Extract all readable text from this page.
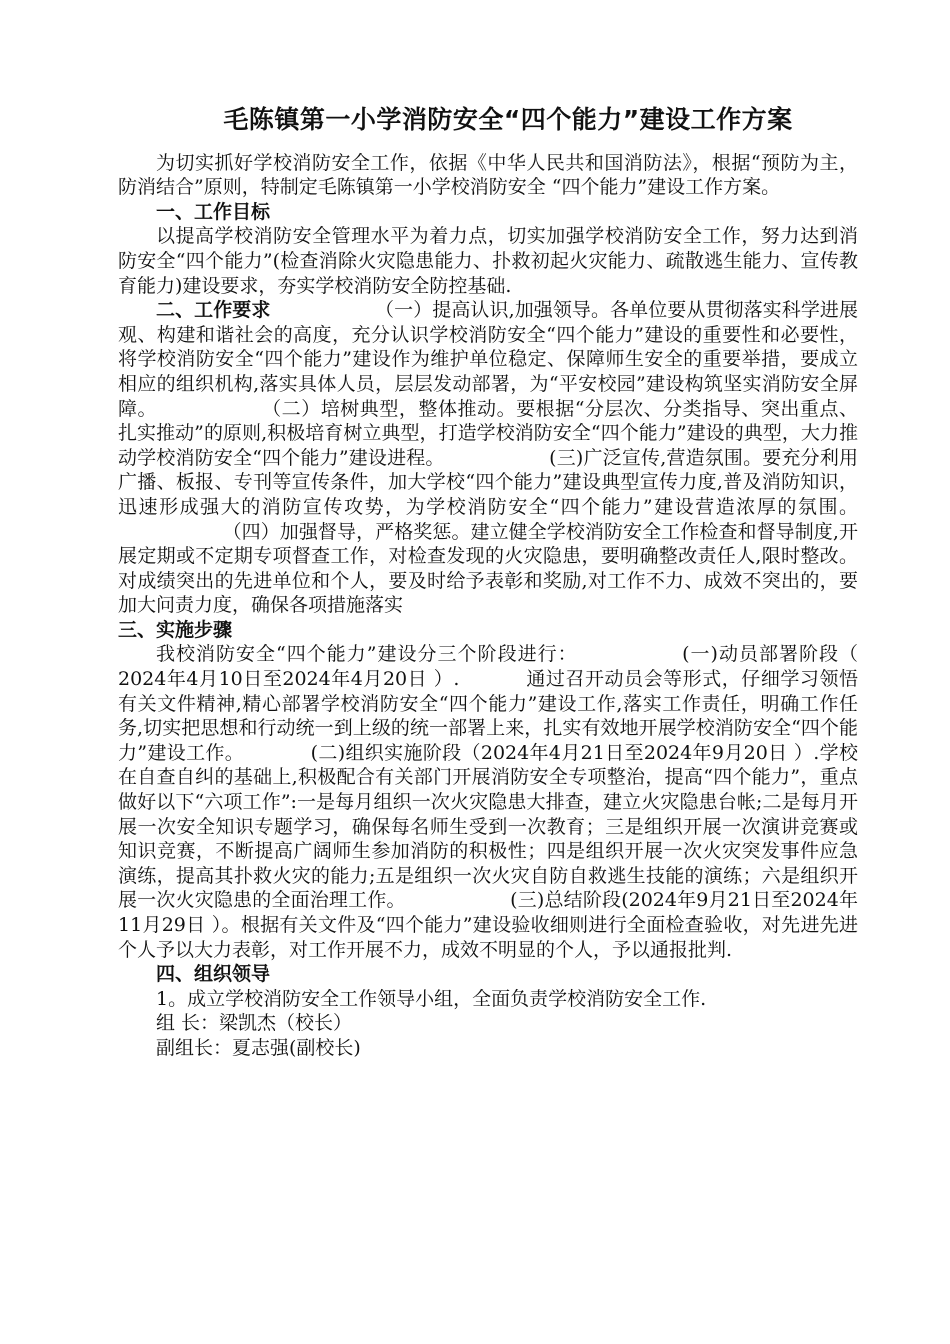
毛陈镇第一小学消防安全“四个能力”建设工作方案

为切实抓好学校消防安全工作，依据《中华人民共和国消防法》，根据“预防为主，防消结合”原则，特制定毛陈镇第一小学校消防安全 “四个能力”建设工作方案。

一、工作目标

以提高学校消防安全管理水平为着力点，切实加强学校消防安全工作，努力达到消防安全“四个能力”(检查消除火灾隐患能力、扑救初起火灾能力、疏散逃生能力、宣传教育能力)建设要求，夯实学校消防安全防控基础.

二、工作要求	（一）提高认识,加强领导。各单位要从贯彻落实科学进展观、构建和谐社会的高度，充分认识学校消防安全“四个能力”建设的重要性和必要性，将学校消防安全“四个能力”建设作为维护单位稳定、保障师生安全的重要举措，要成立相应的组织机构,落实具体人员，层层发动部署，为“平安校园”建设构筑坚实消防安全屏障。	（二）培树典型，整体推动。要根据“分层次、分类指导、突出重点、扎实推动”的原则,积极培育树立典型，打造学校消防安全“四个能力”建设的典型，大力推动学校消防安全“四个能力”建设进程。	(三)广泛宣传,营造氛围。要充分利用广播、板报、专刊等宣传条件，加大学校“四个能力”建设典型宣传力度,普及消防知识，迅速形成强大的消防宣传攻势，为学校消防安全“四个能力”建设营造浓厚的氛围。（四）加强督导，严格奖惩。建立健全学校消防安全工作检查和督导制度,开展定期或不定期专项督查工作，对检查发现的火灾隐患，要明确整改责任人,限时整改。对成绩突出的先进单位和个人，要及时给予表彰和奖励,对工作不力、成效不突出的，要加大问责力度，确保各项措施落实

三、实施步骤

我校消防安全“四个能力”建设分三个阶段进行：	(一)动员部署阶段（ 2024年4月10日至2024年4月20日 ）.	通过召开动员会等形式，仔细学习领悟有关文件精神,精心部署学校消防安全“四个能力”建设工作,落实工作责任，明确工作任务,切实把思想和行动统一到上级的统一部署上来，扎实有效地开展学校消防安全“四个能力”建设工作。	(二)组织实施阶段（2024年4月21日至2024年9月20日 ）.学校在自查自纠的基础上,积极配合有关部门开展消防安全专项整治，提高“四个能力”，重点做好以下“六项工作”:一是每月组织一次火灾隐患大排查，建立火灾隐患台帐;二是每月开展一次安全知识专题学习，确保每名师生受到一次教育；三是组织开展一次演讲竞赛或知识竞赛，不断提高广阔师生参加消防的积极性；四是组织开展一次火灾突发事件应急演练，提高其扑救火灾的能力;五是组织一次火灾自防自救逃生技能的演练；六是组织开展一次火灾隐患的全面治理工作。	(三)总结阶段(2024年9月21日至2024年11月29日 ）。根据有关文件及“四个能力”建设验收细则进行全面检查验收，对先进先进个人予以大力表彰，对工作开展不力，成效不明显的个人，予以通报批判.

四、组织领导

1。成立学校消防安全工作领导小组，全面负责学校消防安全工作.

组 长：梁凯杰（校长）

副组长：夏志强(副校长)
